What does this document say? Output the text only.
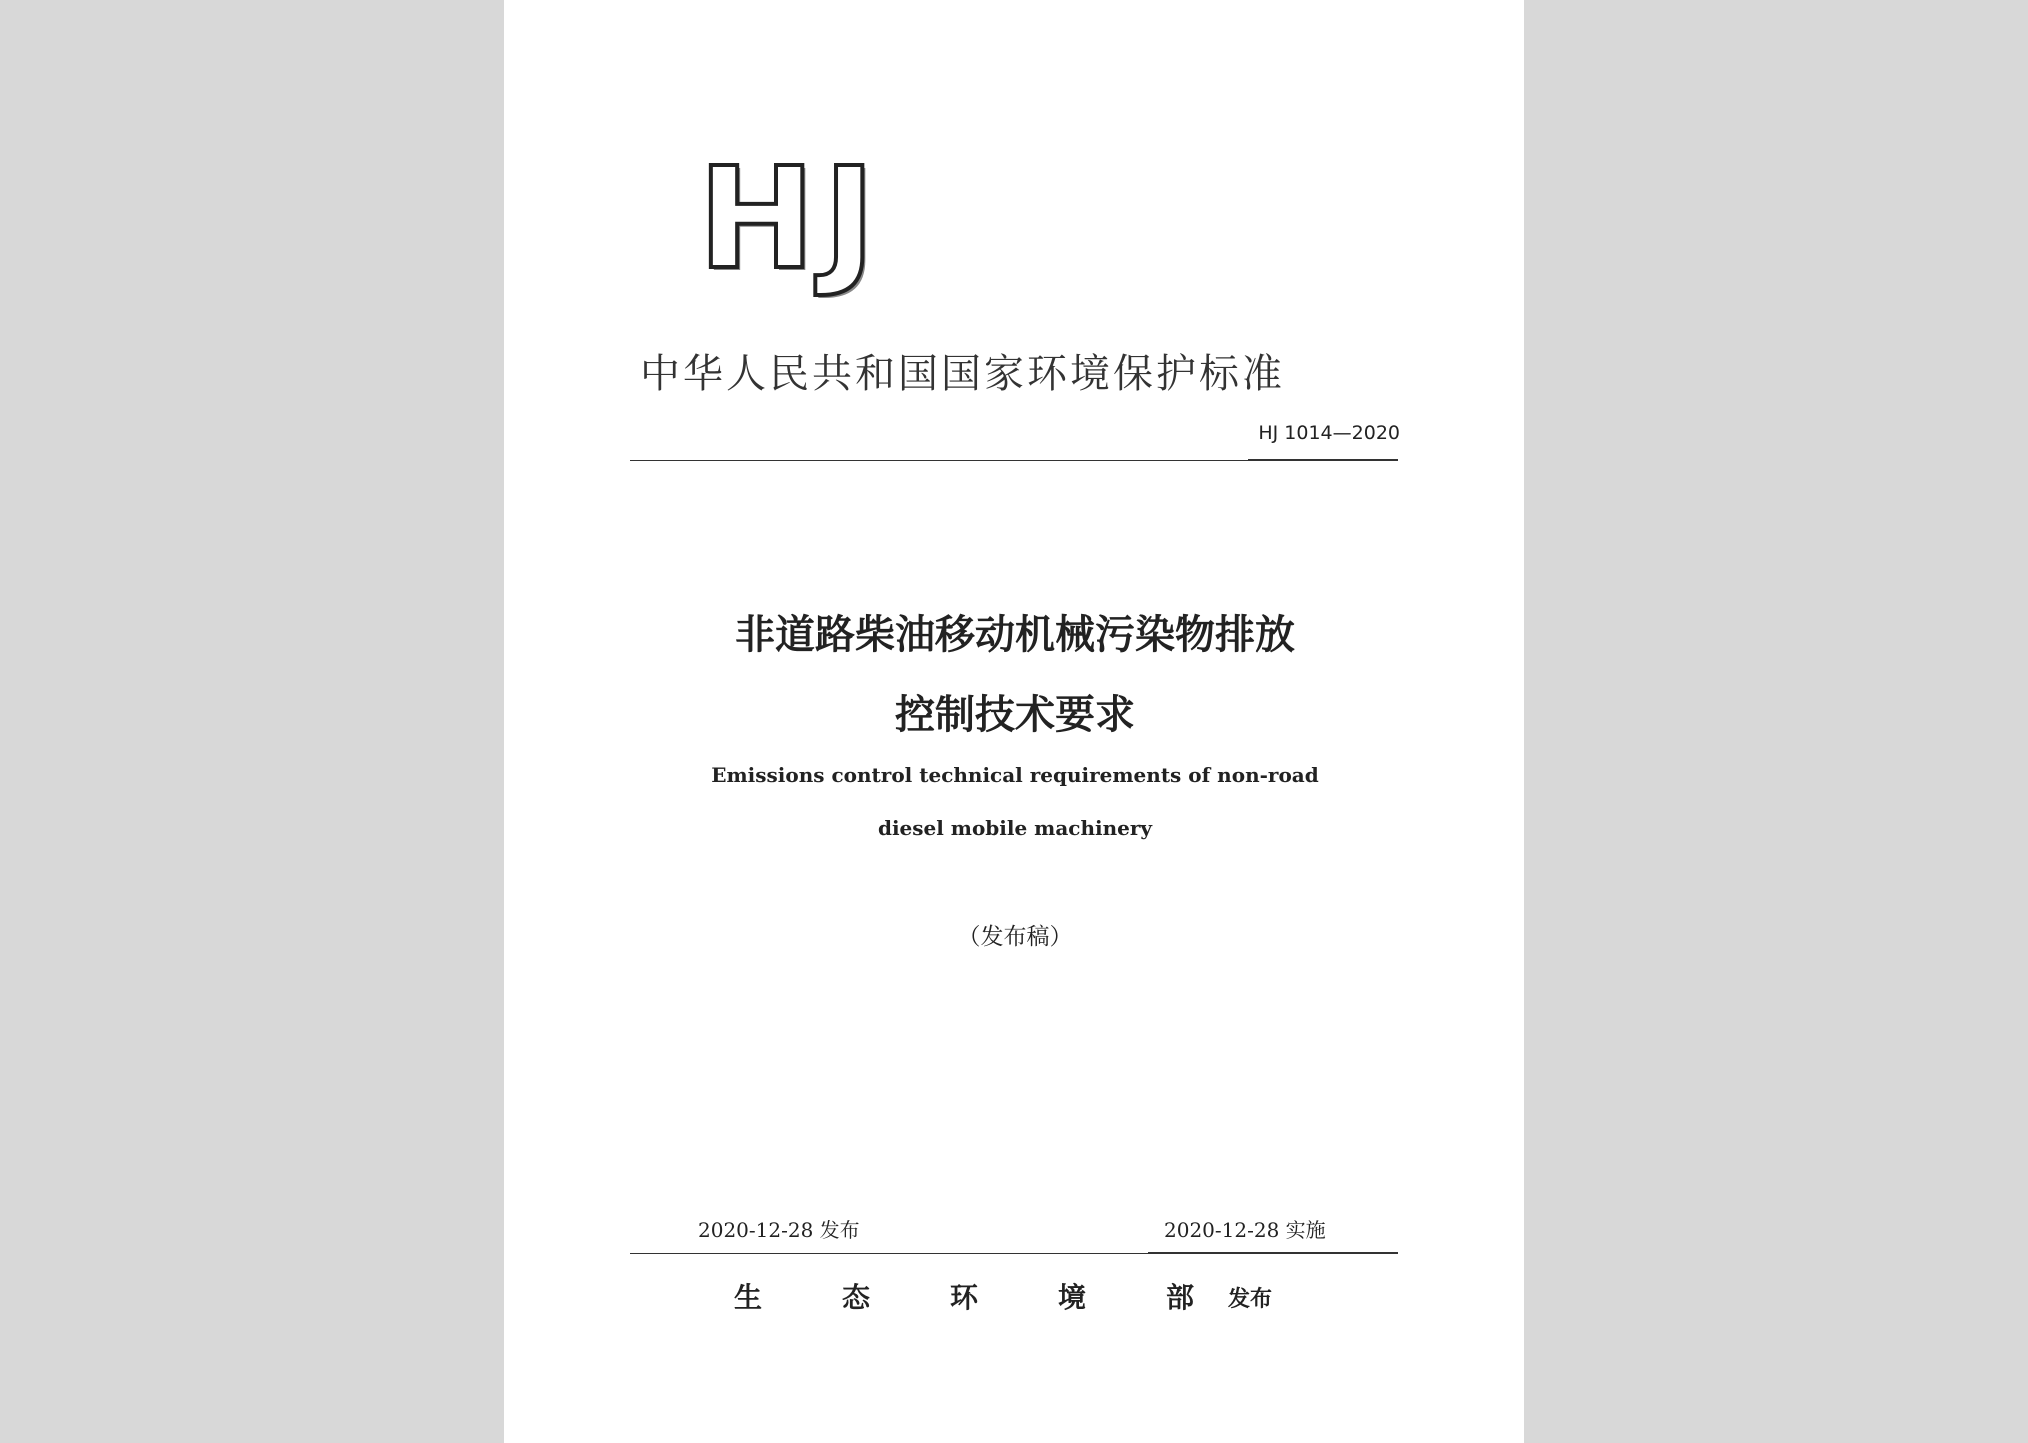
HJ
中华人民共和国国家环境保护标准
HJ 1014—2020
非道路柴油移动机械污染物排放
控制技术要求
Emissions control technical requirements of non-road
diesel mobile machinery
（发布稿）
2020-12-28 发布	2020-12-28 实施
生	态	环	境	部 发布
